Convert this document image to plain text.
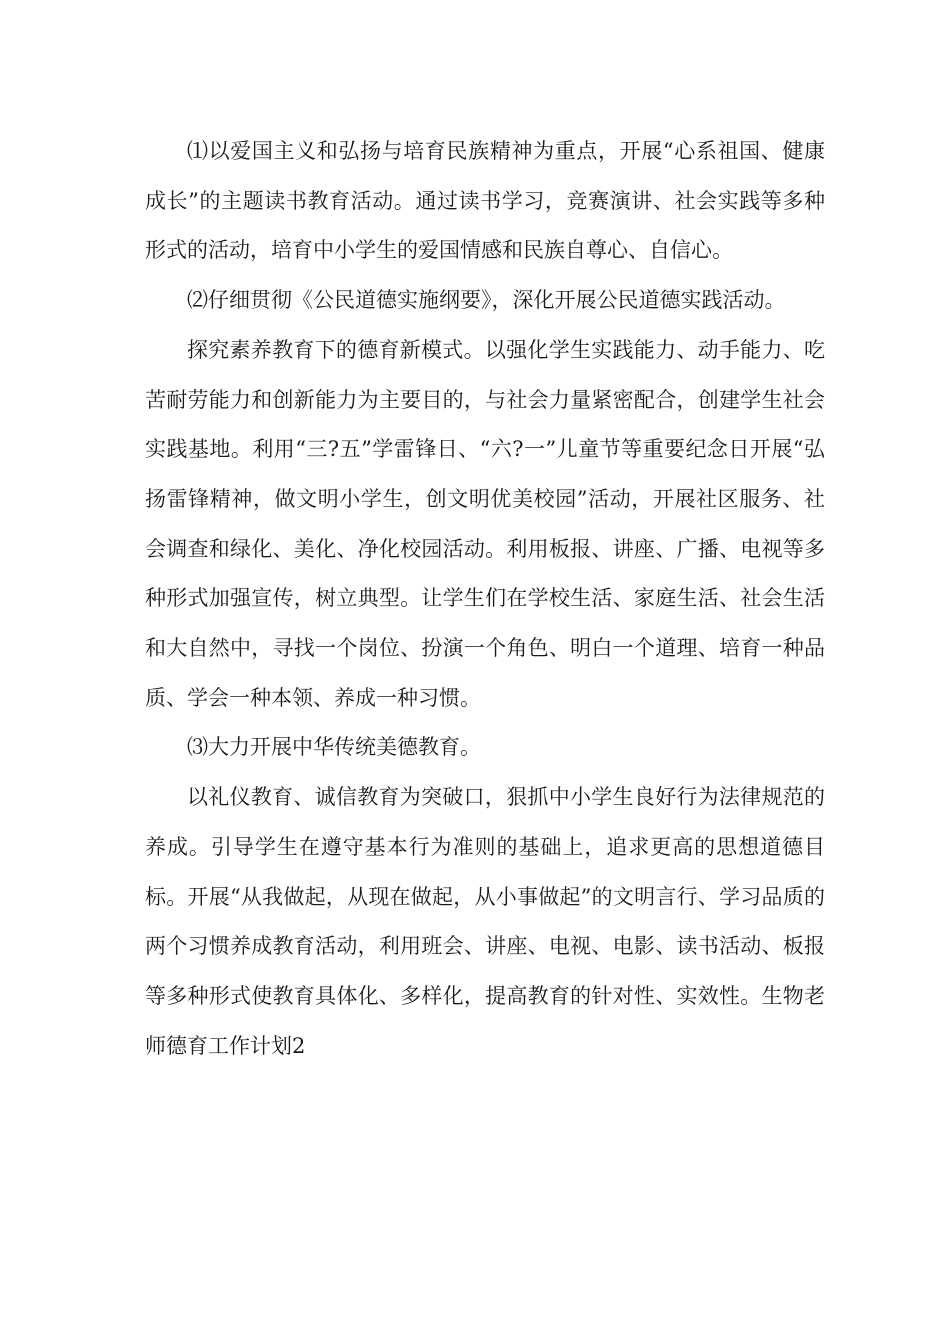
⑴以爱国主义和弘扬与培育民族精神为重点，开展“心系祖国、健康成长”的主题读书教育活动。通过读书学习，竞赛演讲、社会实践等多种形式的活动，培育中小学生的爱国情感和民族自尊心、自信心。

⑵仔细贯彻《公民道德实施纲要》，深化开展公民道德实践活动。

探究素养教育下的德育新模式。以强化学生实践能力、动手能力、吃苦耐劳能力和创新能力为主要目的，与社会力量紧密配合，创建学生社会实践基地。利用“三?五”学雷锋日、“六?一”儿童节等重要纪念日开展“弘扬雷锋精神，做文明小学生，创文明优美校园”活动，开展社区服务、社会调查和绿化、美化、净化校园活动。利用板报、讲座、广播、电视等多种形式加强宣传，树立典型。让学生们在学校生活、家庭生活、社会生活和大自然中，寻找一个岗位、扮演一个角色、明白一个道理、培育一种品质、学会一种本领、养成一种习惯。

⑶大力开展中华传统美德教育。

以礼仪教育、诚信教育为突破口，狠抓中小学生良好行为法律规范的养成。引导学生在遵守基本行为准则的基础上，追求更高的思想道德目标。开展“从我做起，从现在做起，从小事做起”的文明言行、学习品质的两个习惯养成教育活动，利用班会、讲座、电视、电影、读书活动、板报等多种形式使教育具体化、多样化，提高教育的针对性、实效性。生物老师德育工作计划2
